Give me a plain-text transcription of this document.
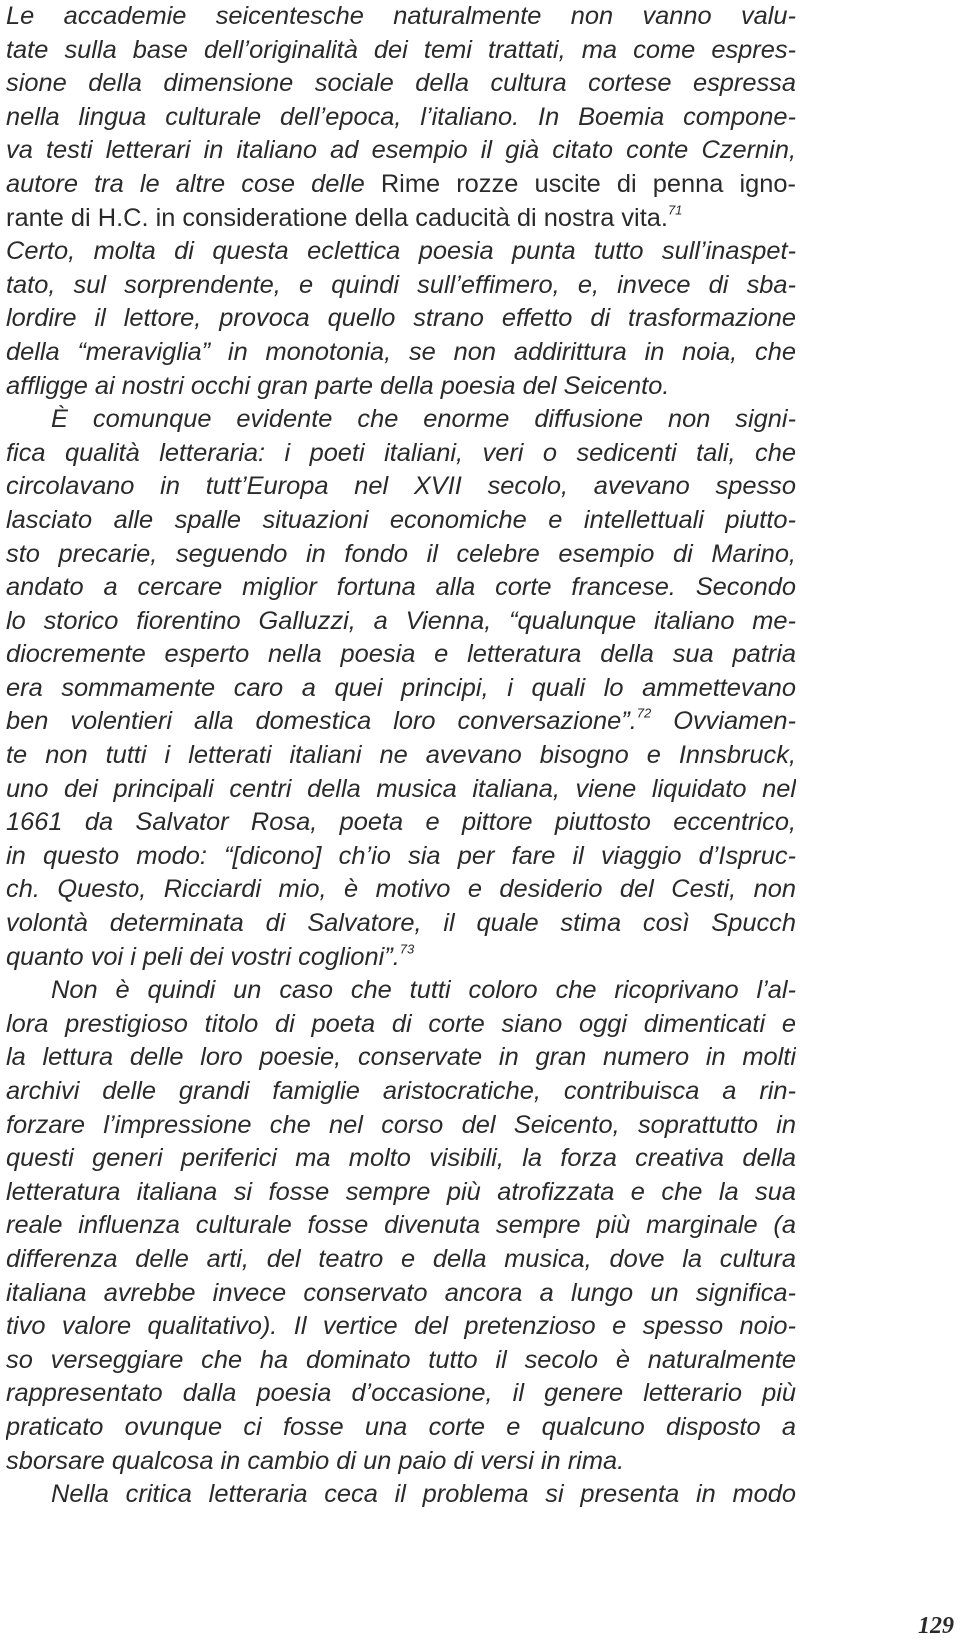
Le accademie seicentesche naturalmente non vanno valu-
tate sulla base dell’originalità dei temi trattati, ma come espres-
sione della dimensione sociale della cultura cortese espressa
nella lingua culturale dell’epoca, l’italiano. In Boemia compone-
va testi letterari in italiano ad esempio il già citato conte Czernin,
autore tra le altre cose delle Rime rozze uscite di penna igno-
rante di H.C. in consideratione della caducità di nostra vita.$^{71}$
Certo, molta di questa eclettica poesia punta tutto sull’inaspet-
tato, sul sorprendente, e quindi sull’effimero, e, invece di sba-
lordire il lettore, provoca quello strano effetto di trasformazione
della “meraviglia” in monotonia, se non addirittura in noia, che
affligge ai nostri occhi gran parte della poesia del Seicento.
È comunque evidente che enorme diffusione non signi-
fica qualità letteraria: i poeti italiani, veri o sedicenti tali, che
circolavano in tutt’Europa nel XVII secolo, avevano spesso
lasciato alle spalle situazioni economiche e intellettuali piutto-
sto precarie, seguendo in fondo il celebre esempio di Marino,
andato a cercare miglior fortuna alla corte francese. Secondo
lo storico fiorentino Galluzzi, a Vienna, “qualunque italiano me-
diocremente esperto nella poesia e letteratura della sua patria
era sommamente caro a quei principi, i quali lo ammettevano
ben volentieri alla domestica loro conversazione”.$^{72}$ Ovviamen-
te non tutti i letterati italiani ne avevano bisogno e Innsbruck,
uno dei principali centri della musica italiana, viene liquidato nel
1661 da Salvator Rosa, poeta e pittore piuttosto eccentrico,
in questo modo: “[dicono] ch’io sia per fare il viaggio d’Ispruc-
ch. Questo, Ricciardi mio, è motivo e desiderio del Cesti, non
volontà determinata di Salvatore, il quale stima così Spucch
quanto voi i peli dei vostri coglioni”.$^{73}$
Non è quindi un caso che tutti coloro che ricoprivano l’al-
lora prestigioso titolo di poeta di corte siano oggi dimenticati e
la lettura delle loro poesie, conservate in gran numero in molti
archivi delle grandi famiglie aristocratiche, contribuisca a rin-
forzare l’impressione che nel corso del Seicento, soprattutto in
questi generi periferici ma molto visibili, la forza creativa della
letteratura italiana si fosse sempre più atrofizzata e che la sua
reale influenza culturale fosse divenuta sempre più marginale (a
differenza delle arti, del teatro e della musica, dove la cultura
italiana avrebbe invece conservato ancora a lungo un significa-
tivo valore qualitativo). Il vertice del pretenzioso e spesso noio-
so verseggiare che ha dominato tutto il secolo è naturalmente
rappresentato dalla poesia d’occasione, il genere letterario più
praticato ovunque ci fosse una corte e qualcuno disposto a
sborsare qualcosa in cambio di un paio di versi in rima.
Nella critica letteraria ceca il problema si presenta in modo
129
